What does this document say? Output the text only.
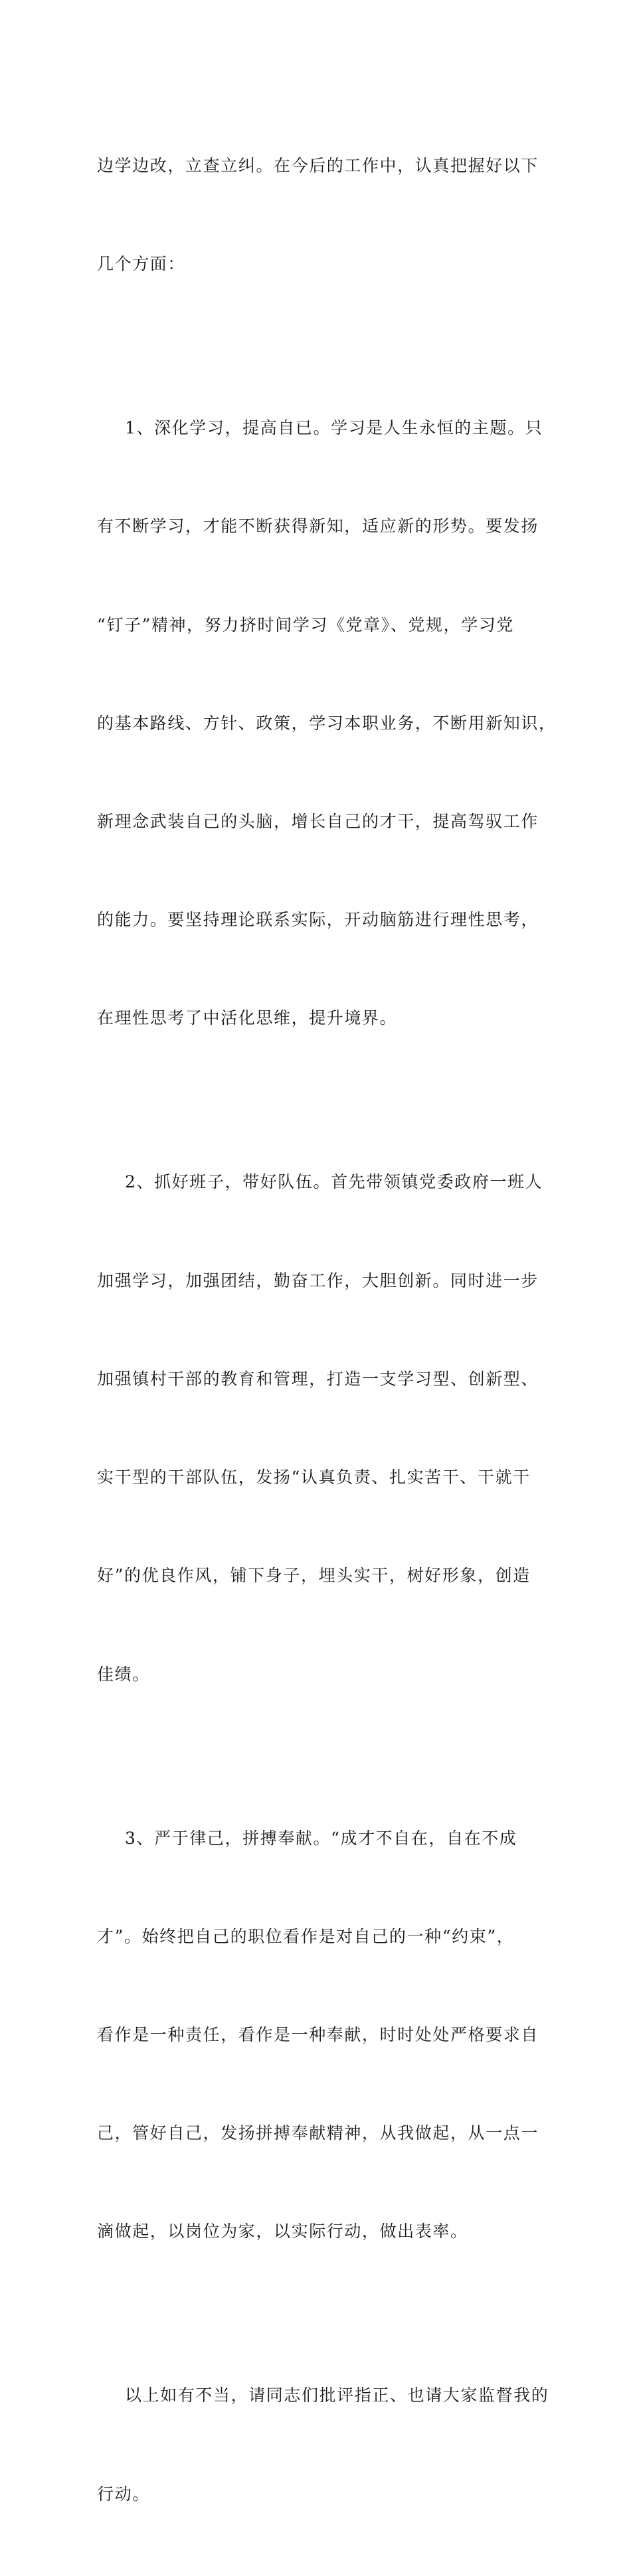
边学边改，立查立纠。在今后的工作中，认真把握好以下

几个方面：

1、深化学习，提高自已。学习是人生永恒的主题。只

有不断学习，才能不断获得新知，适应新的形势。要发扬

“钉子”精神，努力挤时间学习《党章》、党规，学习党

的基本路线、方针、政策，学习本职业务，不断用新知识，

新理念武装自己的头脑，增长自己的才干，提高驾驭工作

的能力。要坚持理论联系实际，开动脑筋进行理性思考，

在理性思考了中活化思维，提升境界。

2、抓好班子，带好队伍。首先带领镇党委政府一班人

加强学习，加强团结，勤奋工作，大胆创新。同时进一步

加强镇村干部的教育和管理，打造一支学习型、创新型、

实干型的干部队伍，发扬“认真负责、扎实苦干、干就干

好”的优良作风，铺下身子，埋头实干，树好形象，创造

佳绩。

3、严于律己，拼搏奉献。“成才不自在，自在不成

才”。始终把自己的职位看作是对自己的一种“约束”，

看作是一种责任，看作是一种奉献，时时处处严格要求自

己，管好自己，发扬拼搏奉献精神，从我做起，从一点一

滴做起，以岗位为家，以实际行动，做出表率。

以上如有不当，请同志们批评指正、也请大家监督我的

行动。
